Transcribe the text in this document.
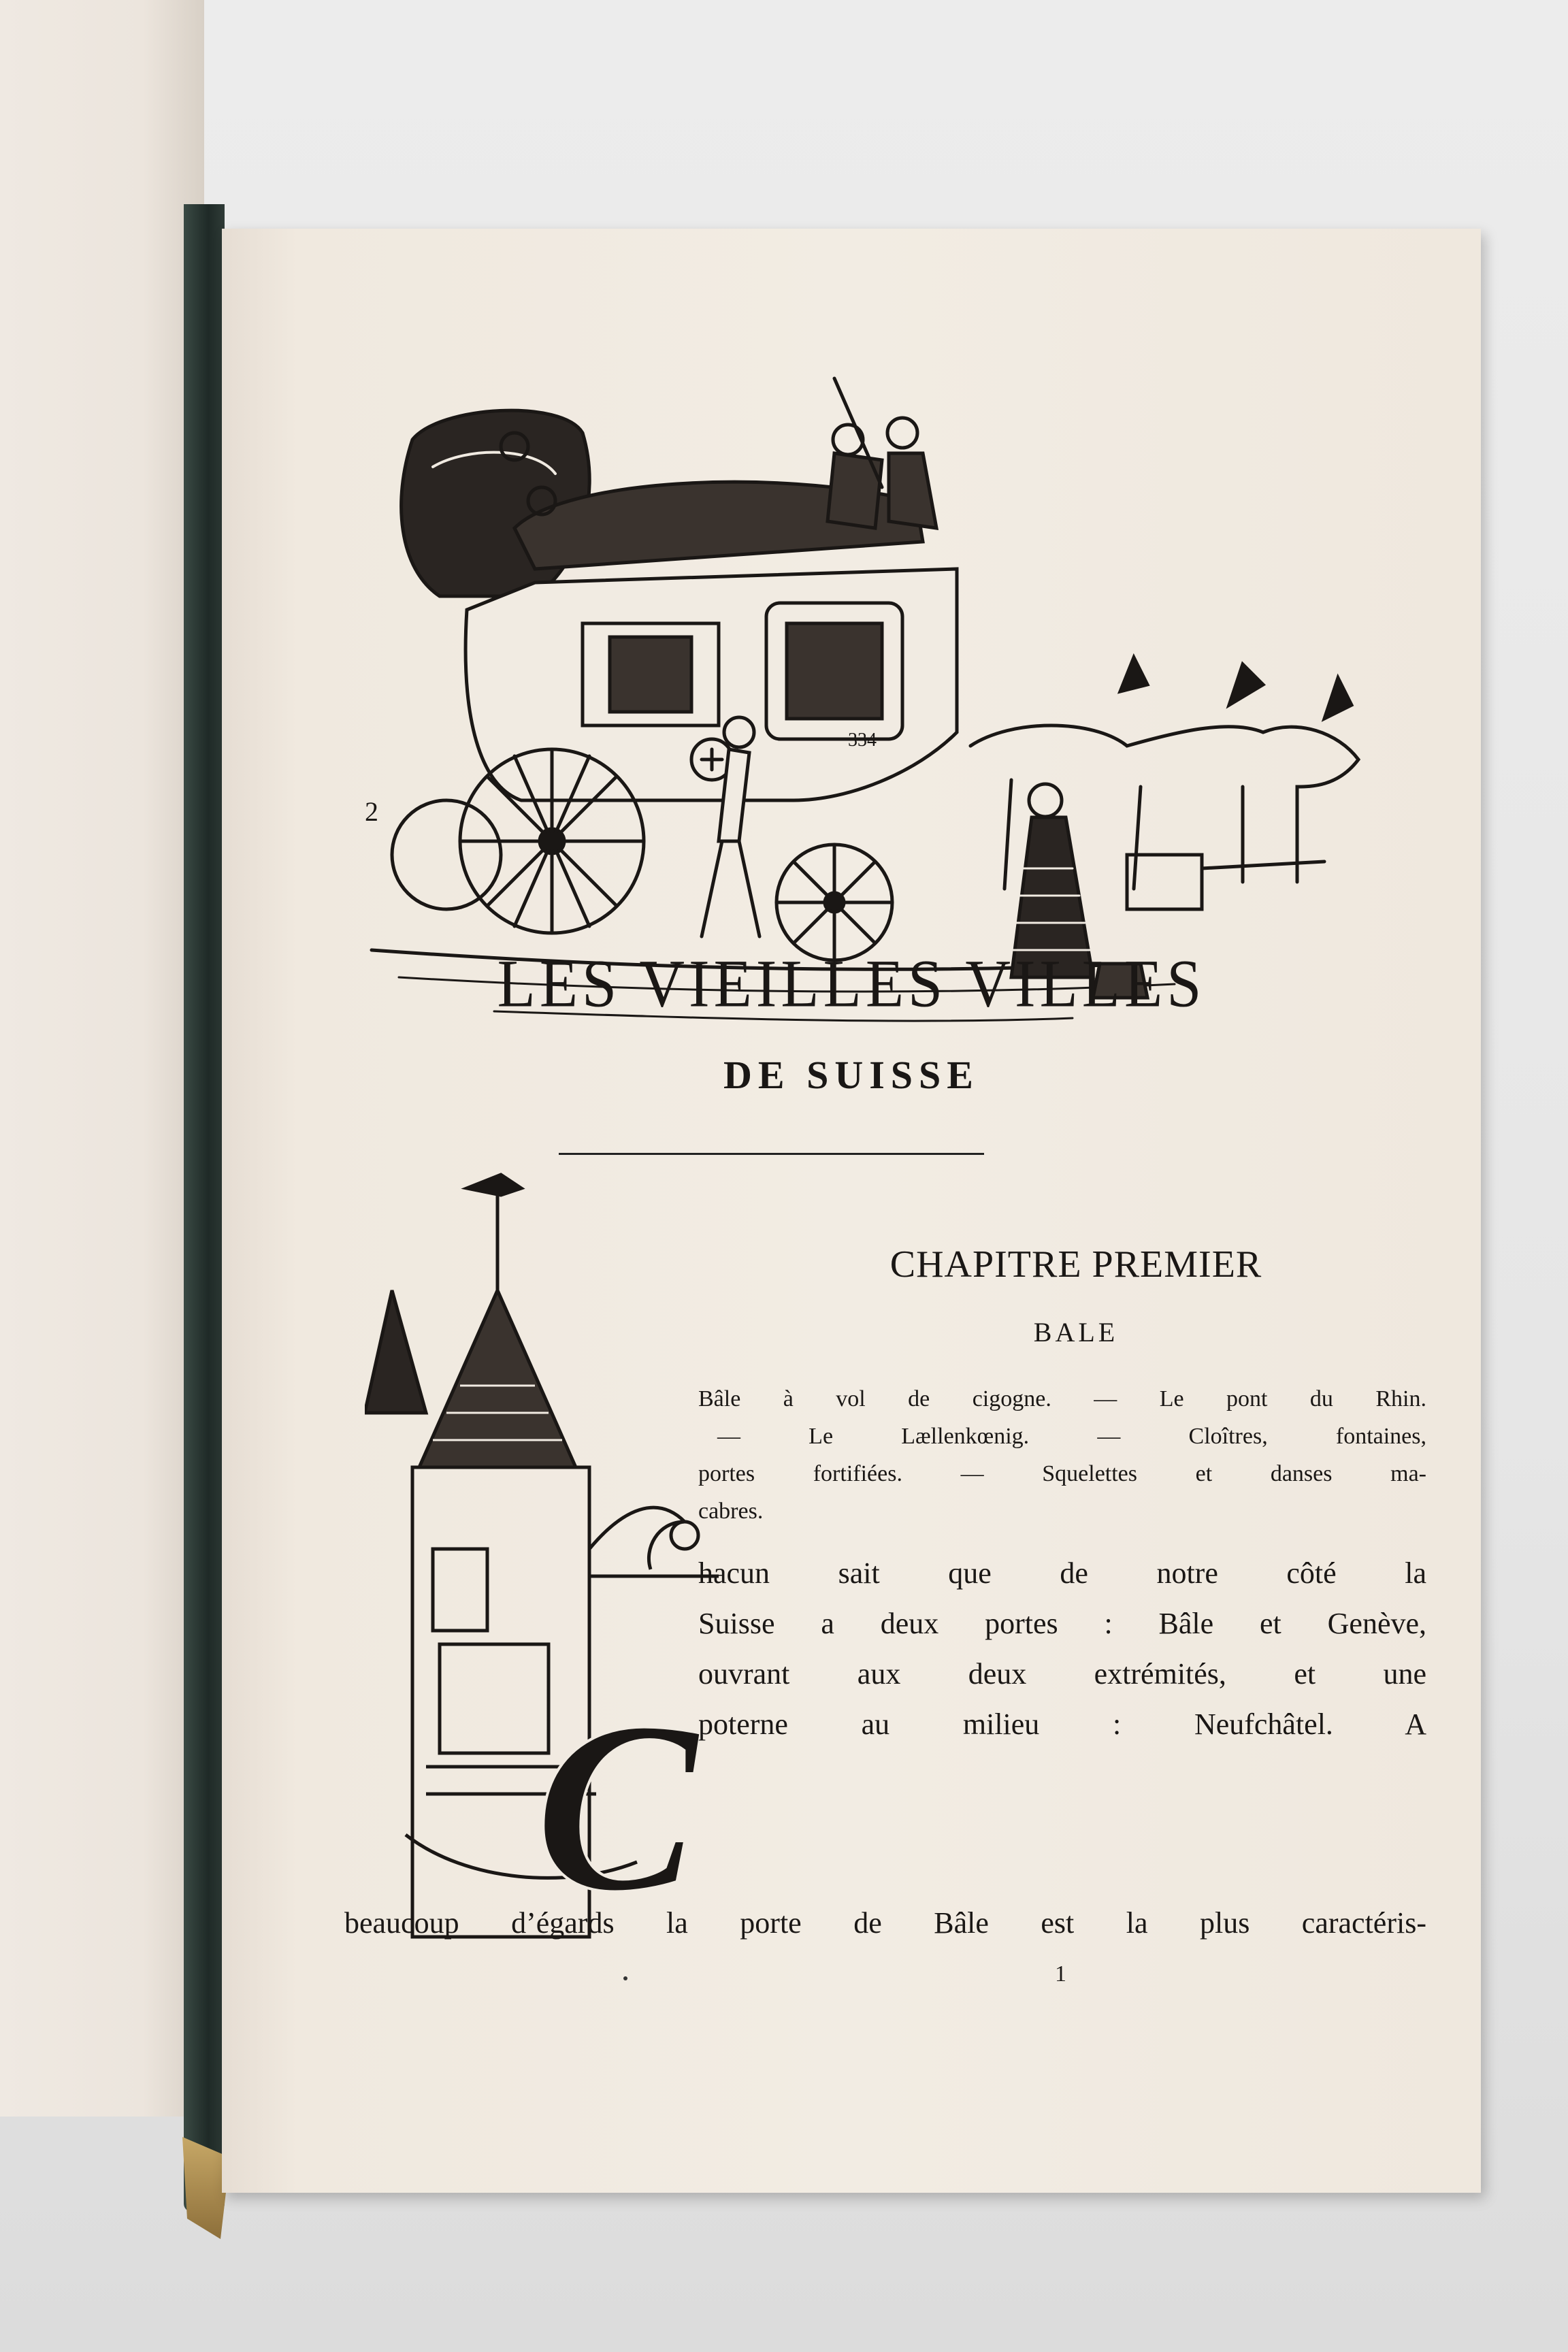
334
2
LES VIEILLES VILLES
DE SUISSE
C
CHAPITRE PREMIER
BALE
Bâle à vol de cigogne. — Le pont du Rhin.
— Le Lællenkœnig. — Cloîtres, fontaines,
portes fortifiées. — Squelettes et danses ma-
cabres.
hacun sait que de notre côté la
Suisse a deux portes : Bâle et Genève,
ouvrant aux deux extrémités, et une
poterne au milieu : Neufchâtel. A
beaucoup d’égards la porte de Bâle est la plus caractéris-
1
